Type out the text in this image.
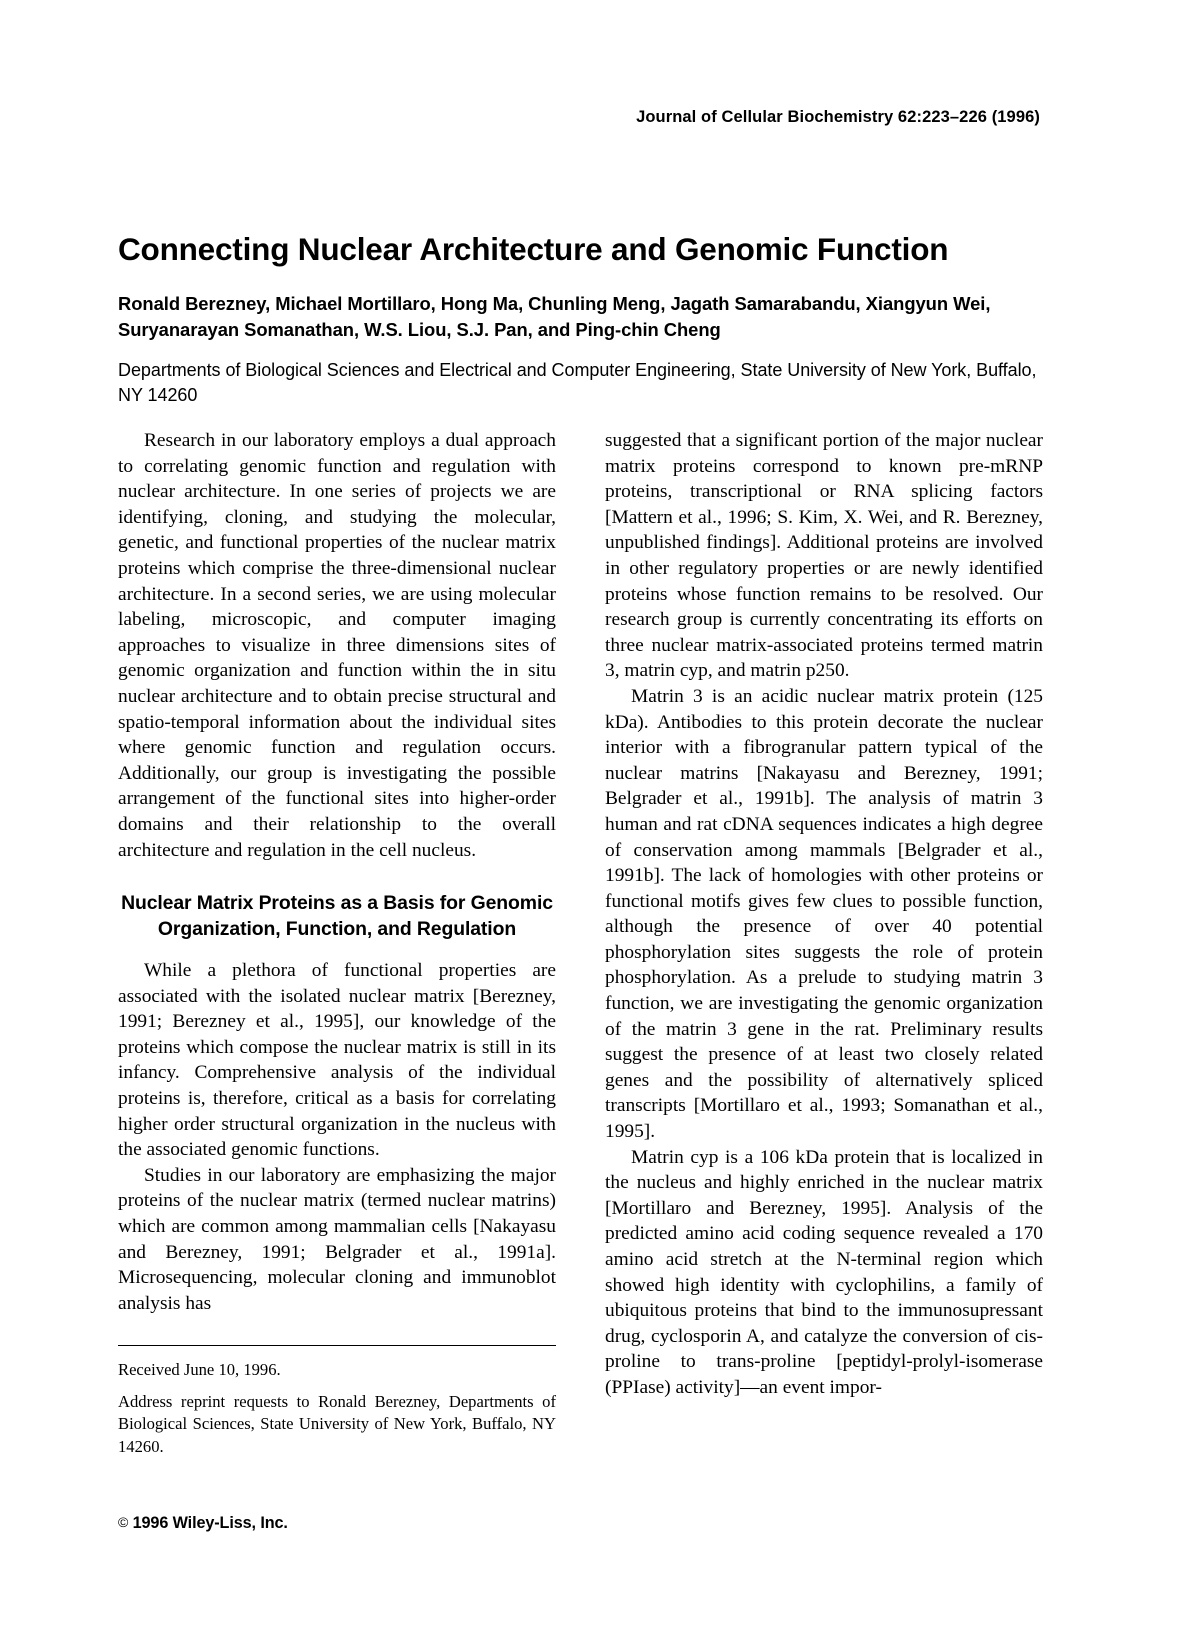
Journal of Cellular Biochemistry 62:223–226 (1996)
Connecting Nuclear Architecture and Genomic Function
Ronald Berezney, Michael Mortillaro, Hong Ma, Chunling Meng, Jagath Samarabandu, Xiangyun Wei, Suryanarayan Somanathan, W.S. Liou, S.J. Pan, and Ping-chin Cheng
Departments of Biological Sciences and Electrical and Computer Engineering, State University of New York, Buffalo, NY 14260

Research in our laboratory employs a dual approach to correlating genomic function and regulation with nuclear architecture. In one series of projects we are identifying, cloning, and studying the molecular, genetic, and functional properties of the nuclear matrix proteins which comprise the three-dimensional nuclear architecture. In a second series, we are using molecular labeling, microscopic, and computer imaging approaches to visualize in three dimensions sites of genomic organization and function within the in situ nuclear architecture and to obtain precise structural and spatio-temporal information about the individual sites where genomic function and regulation occurs. Additionally, our group is investigating the possible arrangement of the functional sites into higher-order domains and their relationship to the overall architecture and regulation in the cell nucleus.

Nuclear Matrix Proteins as a Basis for Genomic Organization, Function, and Regulation

While a plethora of functional properties are associated with the isolated nuclear matrix [Berezney, 1991; Berezney et al., 1995], our knowledge of the proteins which compose the nuclear matrix is still in its infancy. Comprehensive analysis of the individual proteins is, therefore, critical as a basis for correlating higher order structural organization in the nucleus with the associated genomic functions.

Studies in our laboratory are emphasizing the major proteins of the nuclear matrix (termed nuclear matrins) which are common among mammalian cells [Nakayasu and Berezney, 1991; Belgrader et al., 1991a]. Microsequencing, molecular cloning and immunoblot analysis has

suggested that a significant portion of the major nuclear matrix proteins correspond to known pre-mRNP proteins, transcriptional or RNA splicing factors [Mattern et al., 1996; S. Kim, X. Wei, and R. Berezney, unpublished findings]. Additional proteins are involved in other regulatory properties or are newly identified proteins whose function remains to be resolved. Our research group is currently concentrating its efforts on three nuclear matrix-associated proteins termed matrin 3, matrin cyp, and matrin p250.

Matrin 3 is an acidic nuclear matrix protein (125 kDa). Antibodies to this protein decorate the nuclear interior with a fibrogranular pattern typical of the nuclear matrins [Nakayasu and Berezney, 1991; Belgrader et al., 1991b]. The analysis of matrin 3 human and rat cDNA sequences indicates a high degree of conservation among mammals [Belgrader et al., 1991b]. The lack of homologies with other proteins or functional motifs gives few clues to possible function, although the presence of over 40 potential phosphorylation sites suggests the role of protein phosphorylation. As a prelude to studying matrin 3 function, we are investigating the genomic organization of the matrin 3 gene in the rat. Preliminary results suggest the presence of at least two closely related genes and the possibility of alternatively spliced transcripts [Mortillaro et al., 1993; Somanathan et al., 1995].

Matrin cyp is a 106 kDa protein that is localized in the nucleus and highly enriched in the nuclear matrix [Mortillaro and Berezney, 1995]. Analysis of the predicted amino acid coding sequence revealed a 170 amino acid stretch at the N-terminal region which showed high identity with cyclophilins, a family of ubiquitous proteins that bind to the immunosupressant drug, cyclosporin A, and catalyze the conversion of cis-proline to trans-proline [peptidyl-prolyl-isomerase (PPIase) activity]—an event impor-

Received June 10, 1996.

Address reprint requests to Ronald Berezney, Departments of Biological Sciences, State University of New York, Buffalo, NY 14260.

© 1996 Wiley-Liss, Inc.
